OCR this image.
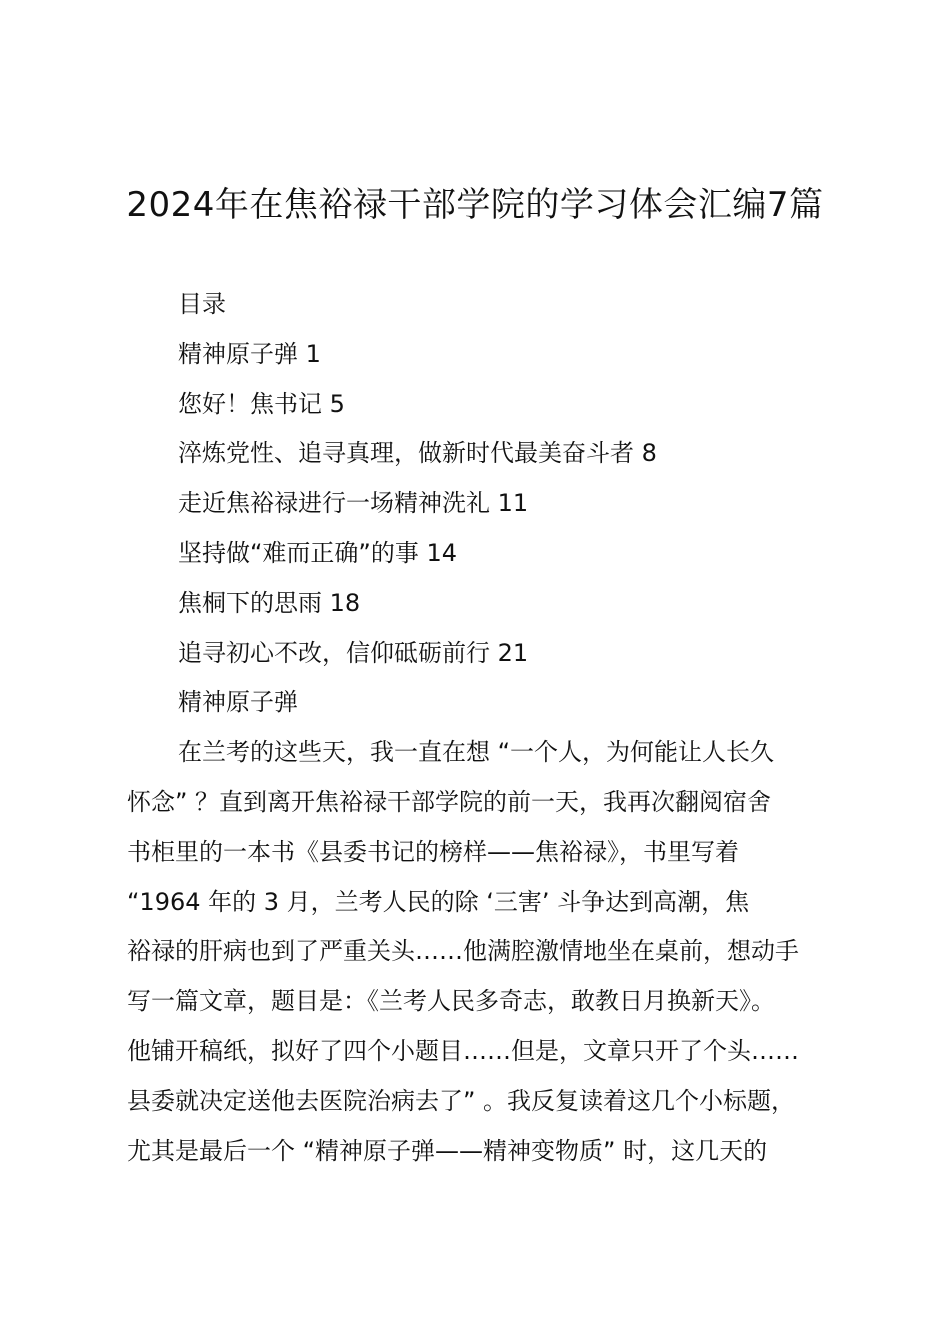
2024年在焦裕禄干部学院的学习体会汇编7篇
目录
精神原子弹 1
您好！焦书记 5
淬炼党性、追寻真理，做新时代最美奋斗者 8
走近焦裕禄进行一场精神洗礼 11
坚持做“难而正确”的事 14
焦桐下的思雨 18
追寻初心不改，信仰砥砺前行 21
精神原子弹
在兰考的这些天，我一直在想 “一个人，为何能让人长久
怀念” ？直到离开焦裕禄干部学院的前一天，我再次翻阅宿舍
书柜里的一本书《县委书记的榜样——焦裕禄》，书里写着
“1964 年的 3 月，兰考人民的除 ‘三害’ 斗争达到高潮，焦
裕禄的肝病也到了严重关头……他满腔激情地坐在桌前，想动手
写一篇文章，题目是：《兰考人民多奇志，敢教日月换新天》。
他铺开稿纸，拟好了四个小题目……但是，文章只开了个头……
县委就决定送他去医院治病去了” 。我反复读着这几个小标题，
尤其是最后一个 “精神原子弹——精神变物质” 时，这几天的
